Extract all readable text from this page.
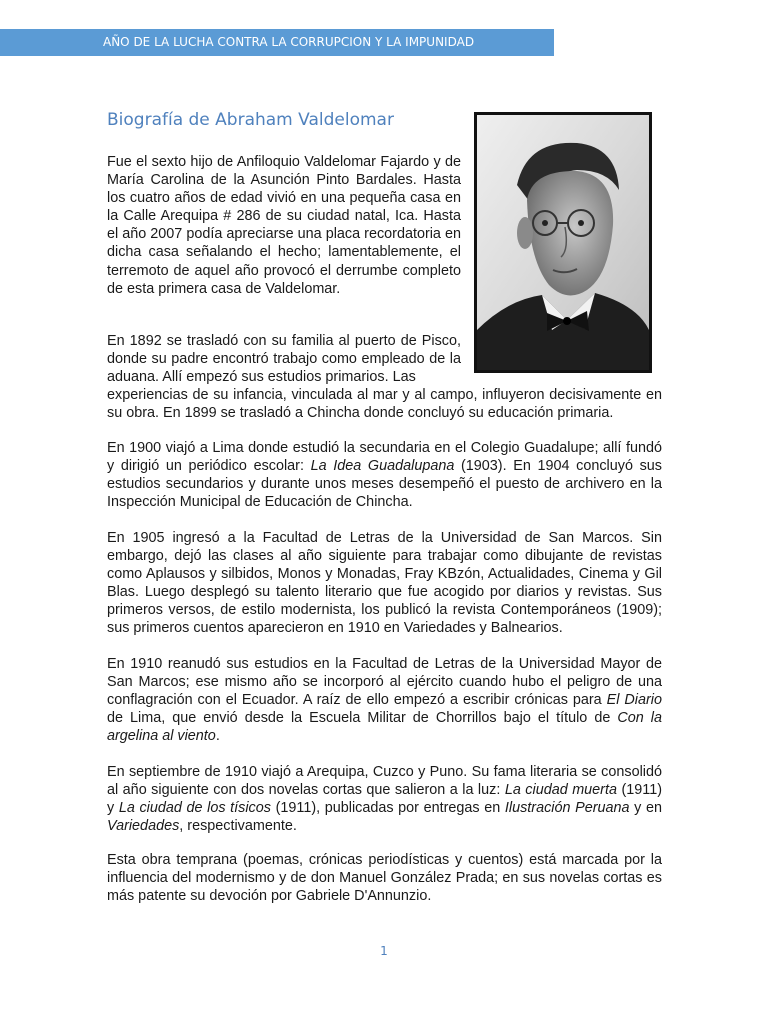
AÑO DE LA LUCHA CONTRA LA CORRUPCION Y LA IMPUNIDAD
Biografía de Abraham Valdelomar

Fue el sexto hijo de Anfiloquio Valdelomar Fajardo y de María Carolina de la Asunción Pinto Bardales. Hasta los cuatro años de edad vivió en una pequeña casa en la Calle Arequipa # 286 de su ciudad natal, Ica. Hasta el año 2007 podía apreciarse una placa recordatoria en dicha casa señalando el hecho; lamentablemente, el terremoto de aquel año provocó el derrumbe completo de esta primera casa de Valdelomar.

En 1892 se trasladó con su familia al puerto de Pisco, donde su padre encontró trabajo como empleado de la aduana. Allí empezó sus estudios primarios. Las

experiencias de su infancia, vinculada al mar y al campo, influyeron decisivamente en su obra. En 1899 se trasladó a Chincha donde concluyó su educación primaria.

En 1900 viajó a Lima donde estudió la secundaria en el Colegio Guadalupe; allí fundó y dirigió un periódico escolar: La Idea Guadalupana (1903). En 1904 concluyó sus estudios secundarios y durante unos meses desempeñó el puesto de archivero en la Inspección Municipal de Educación de Chincha.

En 1905 ingresó a la Facultad de Letras de la Universidad de San Marcos. Sin embargo, dejó las clases al año siguiente para trabajar como dibujante de revistas como Aplausos y silbidos, Monos y Monadas, Fray KBzón, Actualidades, Cinema y Gil Blas. Luego desplegó su talento literario que fue acogido por diarios y revistas. Sus primeros versos, de estilo modernista, los publicó la revista Contemporáneos (1909); sus primeros cuentos aparecieron en 1910 en Variedades y Balnearios.

En 1910 reanudó sus estudios en la Facultad de Letras de la Universidad Mayor de San Marcos; ese mismo año se incorporó al ejército cuando hubo el peligro de una conflagración con el Ecuador. A raíz de ello empezó a escribir crónicas para El Diario de Lima, que envió desde la Escuela Militar de Chorrillos bajo el título de Con la argelina al viento.

En septiembre de 1910 viajó a Arequipa, Cuzco y Puno. Su fama literaria se consolidó al año siguiente con dos novelas cortas que salieron a la luz: La ciudad muerta (1911) y La ciudad de los tísicos (1911), publicadas por entregas en Ilustración Peruana y en Variedades, respectivamente.

Esta obra temprana (poemas, crónicas periodísticas y cuentos) está marcada por la influencia del modernismo y de don Manuel González Prada; en sus novelas cortas es más patente su devoción por Gabriele D'Annunzio.

1
